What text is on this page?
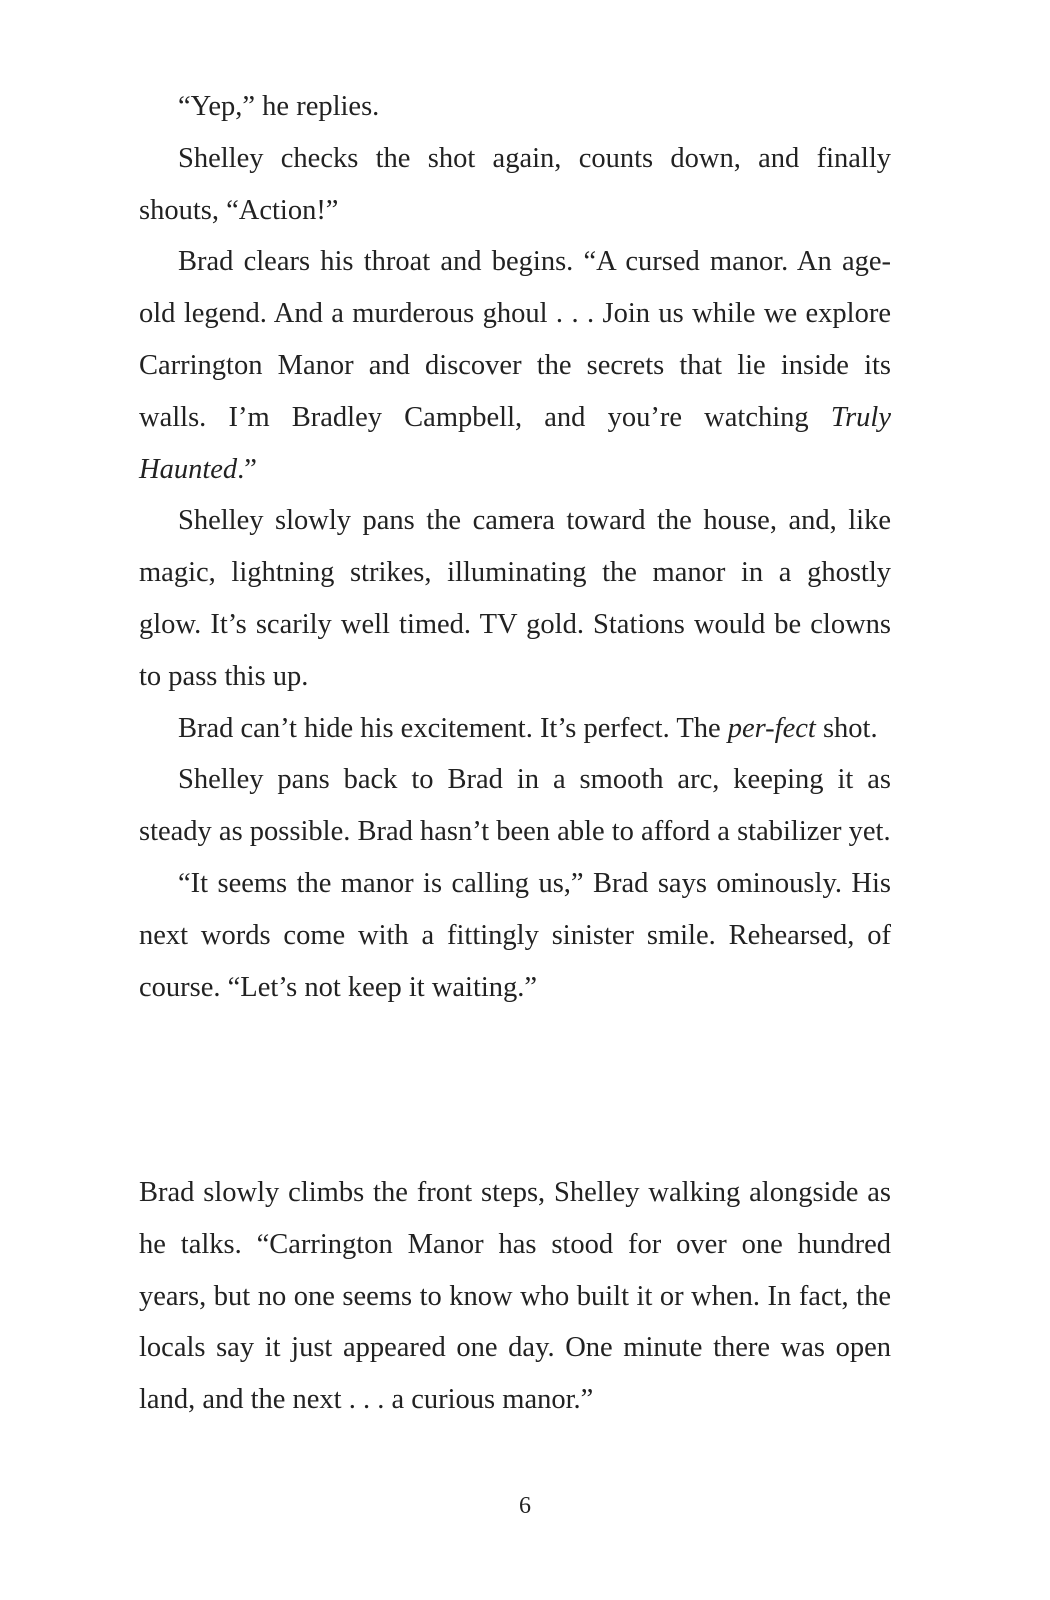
“Yep,” he replies.

Shelley checks the shot again, counts down, and finally shouts, “Action!”

Brad clears his throat and begins. “A cursed manor. An age-old legend. And a murderous ghoul . . . Join us while we explore Carrington Manor and discover the secrets that lie inside its walls. I’m Bradley Campbell, and you’re watching Truly Haunted.”

Shelley slowly pans the camera toward the house, and, like magic, lightning strikes, illuminating the manor in a ghostly glow. It’s scarily well timed. TV gold. Stations would be clowns to pass this up.

Brad can’t hide his excitement. It’s perfect. The per-fect shot.

Shelley pans back to Brad in a smooth arc, keeping it as steady as possible. Brad hasn’t been able to afford a stabilizer yet.

“It seems the manor is calling us,” Brad says ominously. His next words come with a fittingly sinister smile. Rehearsed, of course. “Let’s not keep it waiting.”

Brad slowly climbs the front steps, Shelley walking alongside as he talks. “Carrington Manor has stood for over one hundred years, but no one seems to know who built it or when. In fact, the locals say it just appeared one day. One minute there was open land, and the next . . . a curious manor.”

6
